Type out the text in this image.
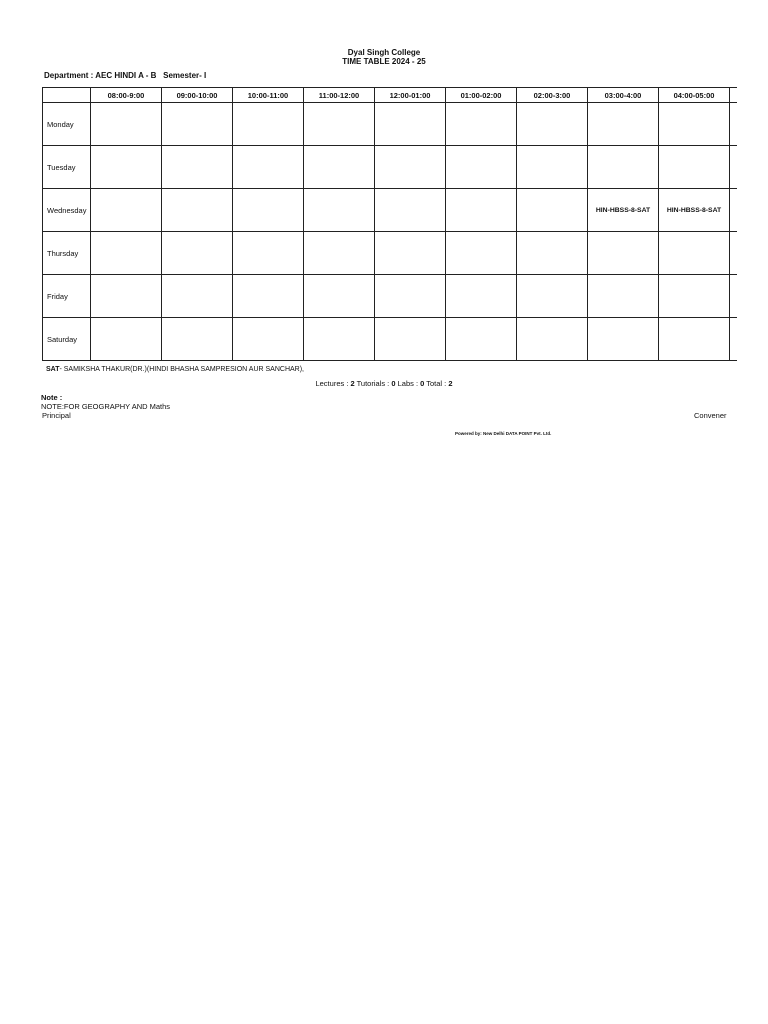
Dyal Singh College
TIME TABLE 2024 - 25
Department : AEC HINDI A - B   Semester- I
	08:00-9:00	09:00-10:00	10:00-11:00	11:00-12:00	12:00-01:00	01:00-02:00	02:00-3:00	03:00-4:00	04:00-05:00	
Monday										
Tuesday										
Wednesday								HIN-HBSS-8-SAT	HIN-HBSS-8-SAT	
Thursday										
Friday										
Saturday										
SAT- SAMIKSHA THAKUR(DR.)(HINDI BHASHA SAMPRESION AUR SANCHAR),
Lectures : 2 Tutorials : 0 Labs : 0 Total : 2
Note :
NOTE:FOR GEOGRAPHY AND Maths
Principal	Convener
Powered by: New Delhi DATA POINT Pvt. Ltd.
